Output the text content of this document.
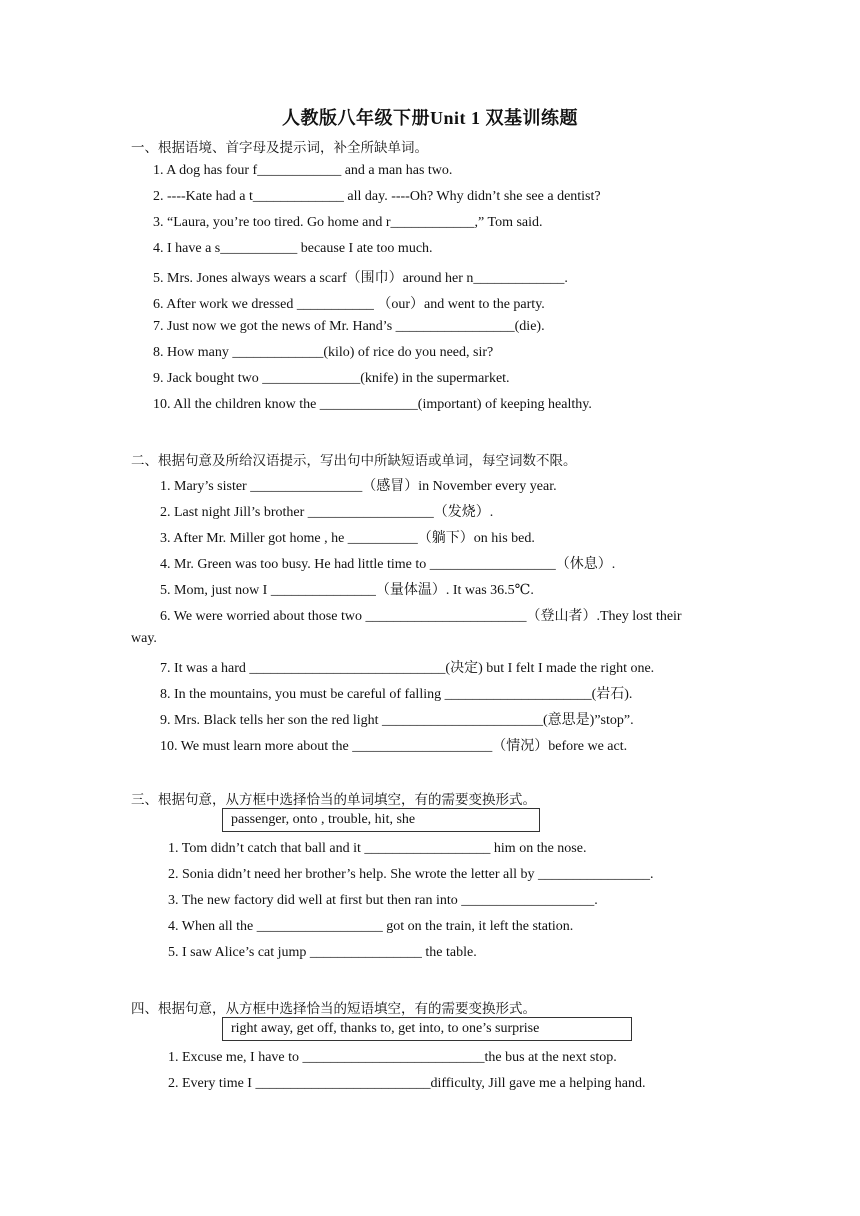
人教版八年级下册Unit 1 双基训练题
一、根据语境、首字母及提示词，补全所缺单词。
1. A dog has four f____________ and a man has two.
2. ----Kate had a t_____________ all day. ----Oh? Why didn’t she see a dentist?
3. “Laura, you’re too tired. Go home and r____________,” Tom said.
4. I have a s___________ because I ate too much.
5. Mrs. Jones always wears a scarf（围巾）around her n_____________.
6. After work we dressed ___________ （our）and went to the party.
7. Just now we got the news of Mr. Hand’s _________________(die).
8. How many _____________(kilo) of rice do you need, sir?
9. Jack bought two ______________(knife) in the supermarket.
10. All the children know the ______________(important) of keeping healthy.
二、根据句意及所给汉语提示，写出句中所缺短语或单词，每空词数不限。
1. Mary’s sister ________________（感冒）in November every year.
2. Last night Jill’s brother __________________（发烧）.
3. After Mr. Miller got home , he __________（躺下）on his bed.
4. Mr. Green was too busy. He had little time to __________________（休息）.
5. Mom, just now I _______________（量体温）. It was 36.5℃.
6. We were worried about those two _______________________（登山者）.They lost their
way.
7. It was a hard ____________________________(决定) but I felt I made the right one.
8. In the mountains, you must be careful of falling _____________________(岩石).
9. Mrs. Black tells her son the red light _______________________(意思是)”stop”.
10. We must learn more about the ____________________（情况）before we act.
三、根据句意，从方框中选择恰当的单词填空，有的需要变换形式。
passenger, onto , trouble, hit, she
1. Tom didn’t catch that ball and it __________________ him on the nose.
2. Sonia didn’t need her brother’s help. She wrote the letter all by ________________.
3. The new factory did well at first but then ran into ___________________.
4. When all the __________________ got on the train, it left the station.
5. I saw Alice’s cat jump ________________ the table.
四、根据句意，从方框中选择恰当的短语填空，有的需要变换形式。
right away, get off, thanks to, get into, to one’s surprise
1. Excuse me, I have to __________________________the bus at the next stop.
2. Every time I _________________________difficulty, Jill gave me a helping hand.
